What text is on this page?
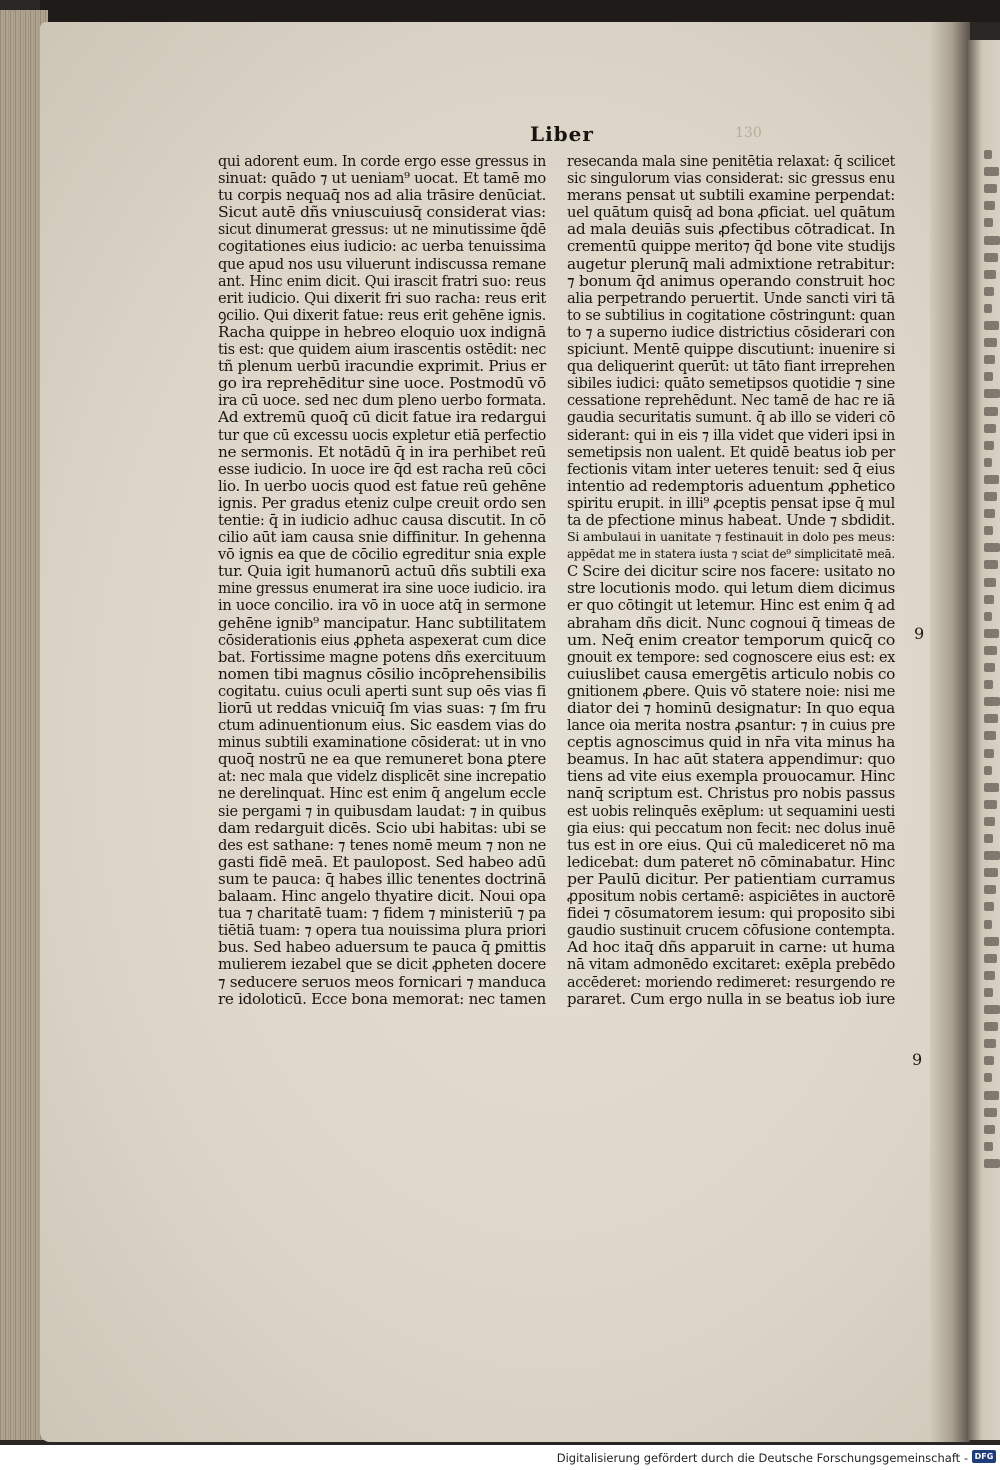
130
Liber
qui adorent eum. In corde ergo esse gressus in
sinuat: quādo ⁊ ut ueniam⁹ uocat. Et tamē mo
tu corpis nequaq̄ nos ad alia trāsire denūciat.
Sicut autē dñs vniuscuiusq̄ considerat vias:
sicut dinumerat gressus: ut ne minutissime q̄dē
cogitationes eius iudicio: ac uerba tenuissima
que apud nos usu viluerunt indiscussa remane
ant. Hinc enim dicit. Qui irascit fratri suo: reus
erit iudicio. Qui dixerit fri suo racha: reus erit
ꝯcilio. Qui dixerit fatue: reus erit gehēne ignis.
Racha quippe in hebreo eloquio uox indignā
tis est: que quidem aium irascentis ostēdit: nec
tñ plenum uerbū iracundie exprimit. Prius er
go ira reprehēditur sine uoce. Postmodū vō
ira cū uoce. sed nec dum pleno uerbo formata.
Ad extremū quoq̄ cū dicit fatue ira redargui
tur que cū excessu uocis expletur etiā perfectio
ne sermonis. Et notādū q̄ in ira perhibet reū
esse iudicio. In uoce ire q̄d est racha reū cōci
lio. In uerbo uocis quod est fatue reū gehēne
ignis. Per gradus eteniz culpe creuit ordo sen
tentie: q̄ in iudicio adhuc causa discutit. In cō
cilio aūt iam causa snie diffinitur. In gehenna
vō ignis ea que de cōcilio egreditur snia exple
tur. Quia igit humanorū actuū dñs subtili exa
mine gressus enumerat ira sine uoce iudicio. ira
in uoce concilio. ira vō in uoce atq̄ in sermone
gehēne ignib⁹ mancipatur. Hanc subtilitatem
cōsiderationis eius ꝓpheta aspexerat cum dice
bat. Fortissime magne potens dñs exercituum
nomen tibi magnus cōsilio incōprehensibilis
cogitatu. cuius oculi aperti sunt sup oēs vias fi
liorū ut reddas vnicuiq̄ ſm vias suas: ⁊ ſm fru
ctum adinuentionum eius. Sic easdem vias do
minus subtili examinatione cōsiderat: ut in vno
quoq̄ nostrū ne ea que remuneret bona ꝑtere
at: nec mala que videlz displicēt sine increpatio
ne derelinquat. Hinc est enim q̄ angelum eccle
sie pergami ⁊ in quibusdam laudat: ⁊ in quibus
dam redarguit dicēs. Scio ubi habitas: ubi se
des est sathane: ⁊ tenes nomē meum ⁊ non ne
gasti fidē meā. Et paulopost. Sed habeo adū
sum te pauca: q̄ habes illic tenentes doctrinā
balaam. Hinc angelo thyatire dicit. Noui opa
tua ⁊ charitatē tuam: ⁊ fidem ⁊ ministeriū ⁊ pa
tiētiā tuam: ⁊ opera tua nouissima plura priori
bus. Sed habeo aduersum te pauca q̄ ꝑmittis
mulierem iezabel que se dicit ꝓpheten docere
⁊ seducere seruos meos fornicari ⁊ manduca
re idoloticū. Ecce bona memorat: nec tamen
resecanda mala sine penitētia relaxat: q̄ scilicet
sic singulorum vias considerat: sic gressus enu
merans pensat ut subtili examine perpendat:
uel quātum quisq̄ ad bona ꝓficiat. uel quātum
ad mala deuiās suis ꝓfectibus cōtradicat. In
crementū quippe merito⁊ q̄d bone vite studijs
augetur plerunq̄ mali admixtione retrabitur:
⁊ bonum q̄d animus operando construit hoc
alia perpetrando peruertit. Unde sancti viri tā
to se subtilius in cogitatione cōstringunt: quan
to ⁊ a superno iudice districtius cōsiderari con
spiciunt. Mentē quippe discutiunt: inuenire si
qua deliquerint querūt: ut tāto fiant irreprehen
sibiles iudici: quāto semetipsos quotidie ⁊ sine
cessatione reprehēdunt. Nec tamē de hac re iā
gaudia securitatis sumunt. q̄ ab illo se videri cō
siderant: qui in eis ⁊ illa videt que videri ipsi in
semetipsis non ualent. Et quidē beatus iob per
fectionis vitam inter ueteres tenuit: sed q̄ eius
intentio ad redemptoris aduentum ꝓphetico
spiritu erupit. in illi⁹ ꝓceptis pensat ipse q̄ mul
ta de pfectione minus habeat. Unde ⁊ sbdidit.
Si ambulaui in uanitate ⁊ festinauit in dolo pes meus:
appēdat me in statera iusta ⁊ sciat de⁹ simplicitatē meā.
C Scire dei dicitur scire nos facere: usitato no
stre locutionis modo. qui letum diem dicimus
er quo cōtingit ut letemur. Hinc est enim q̄ ad
abraham dñs dicit. Nunc cognoui q̄ timeas de
um. Neq̄ enim creator temporum quicq̄ co
gnouit ex tempore: sed cognoscere eius est: ex
cuiuslibet causa emergētis articulo nobis co
gnitionem ꝓbere. Quis vō statere noie: nisi me
diator dei ⁊ hominū designatur: In quo equa
lance oia merita nostra ꝓsantur: ⁊ in cuius pre
ceptis agnoscimus quid in nr̄a vita minus ha
beamus. In hac aūt statera appendimur: quo
tiens ad vite eius exempla prouocamur. Hinc
nanq̄ scriptum est. Christus pro nobis passus
est uobis relinquēs exēplum: ut sequamini uesti
gia eius: qui peccatum non fecit: nec dolus inuē
tus est in ore eius. Qui cū malediceret nō ma
ledicebat: dum pateret nō cōminabatur. Hinc
per Paulū dicitur. Per patientiam curramus
ꝓpositum nobis certamē: aspiciētes in auctorē
fidei ⁊ cōsumatorem iesum: qui proposito sibi
gaudio sustinuit crucem cōfusione contempta.
Ad hoc itaq̄ dñs apparuit in carne: ut huma
nā vitam admonēdo excitaret: exēpla prebēdo
accēderet: moriendo redimeret: resurgendo re
pararet. Cum ergo nulla in se beatus iob iure
9
9
Digitalisierung gefördert durch die Deutsche Forschungsgemeinschaft - DFG
